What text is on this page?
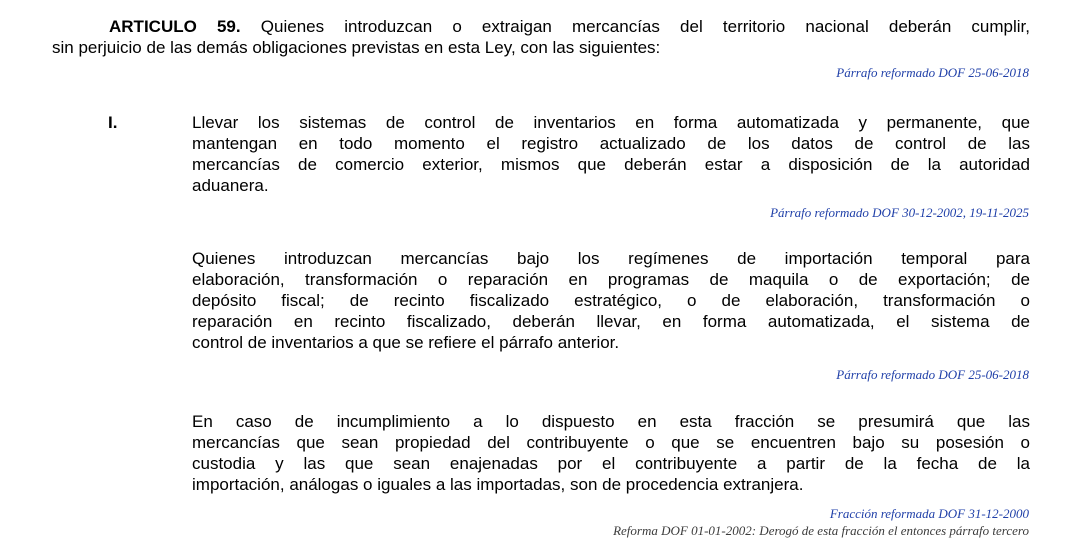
ARTICULO 59. Quienes introduzcan o extraigan mercancías del territorio nacional deberán cumplir,
sin perjuicio de las demás obligaciones previstas en esta Ley, con las siguientes:
Párrafo reformado DOF 25-06-2018
I.	Llevar los sistemas de control de inventarios en forma automatizada y permanente, que
mantengan en todo momento el registro actualizado de los datos de control de las
mercancías de comercio exterior, mismos que deberán estar a disposición de la autoridad
aduanera.
Párrafo reformado DOF 30-12-2002, 19-11-2025
Quienes introduzcan mercancías bajo los regímenes de importación temporal para
elaboración, transformación o reparación en programas de maquila o de exportación; de
depósito fiscal; de recinto fiscalizado estratégico, o de elaboración, transformación o
reparación en recinto fiscalizado, deberán llevar, en forma automatizada, el sistema de
control de inventarios a que se refiere el párrafo anterior.
Párrafo reformado DOF 25-06-2018
En caso de incumplimiento a lo dispuesto en esta fracción se presumirá que las
mercancías que sean propiedad del contribuyente o que se encuentren bajo su posesión o
custodia y las que sean enajenadas por el contribuyente a partir de la fecha de la
importación, análogas o iguales a las importadas, son de procedencia extranjera.
Fracción reformada DOF 31-12-2000
Reforma DOF 01-01-2002: Derogó de esta fracción el entonces párrafo tercero
